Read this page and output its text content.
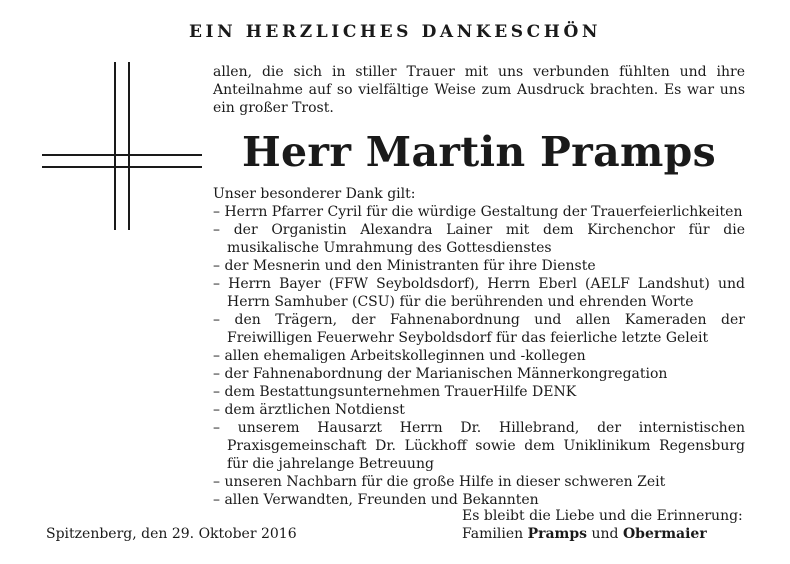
EIN HERZLICHES DANKESCHÖN

allen, die sich in stiller Trauer mit uns verbunden fühlten und ihre Anteilnahme auf so vielfältige Weise zum Ausdruck brachten. Es war uns ein großer Trost.

Herr Martin Pramps

Unser besonderer Dank gilt:

– Herrn Pfarrer Cyril für die würdige Gestaltung der Trauerfeierlichkeiten
– der Organistin Alexandra Lainer mit dem Kirchenchor für die musikalische Umrahmung des Gottesdienstes
– der Mesnerin und den Ministranten für ihre Dienste
– Herrn Bayer (FFW Seyboldsdorf), Herrn Eberl (AELF Landshut) und Herrn Samhuber (CSU) für die berührenden und ehrenden Worte
– den Trägern, der Fahnenabordnung und allen Kameraden der Freiwilligen Feuerwehr Seyboldsdorf für das feierliche letzte Geleit
– allen ehemaligen Arbeitskolleginnen und -kollegen
– der Fahnenabordnung der Marianischen Männerkongregation
– dem Bestattungsunternehmen TrauerHilfe DENK
– dem ärztlichen Notdienst
– unserem Hausarzt Herrn Dr. Hillebrand, der internistischen Praxisgemeinschaft Dr. Lückhoff sowie dem Uniklinikum Regensburg für die jahrelange Betreuung
– unseren Nachbarn für die große Hilfe in dieser schweren Zeit
– allen Verwandten, Freunden und Bekannten

Es bleibt die Liebe und die Erinnerung:

Spitzenberg, den 29. Oktober 2016	Familien Pramps und Obermaier
